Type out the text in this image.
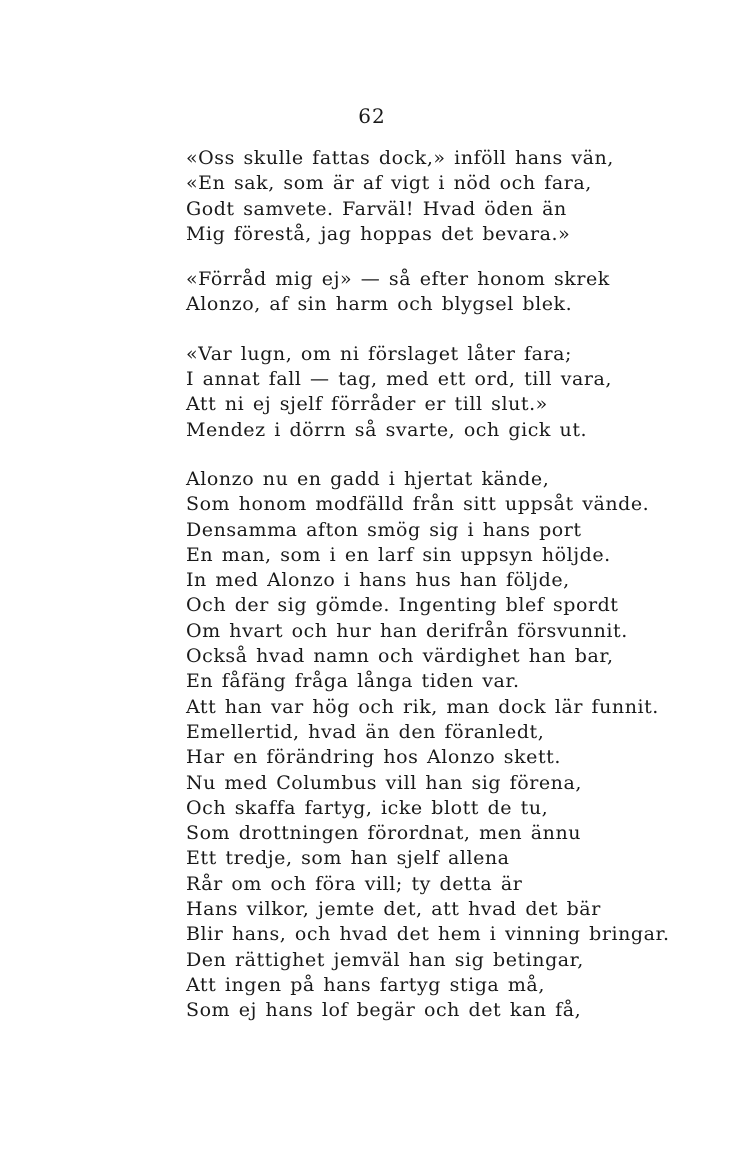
62
«Oss skulle fattas dock,» inföll hans vän,
«En sak, som är af vigt i nöd och fara,
Godt samvete. Farväl! Hvad öden än
Mig förestå, jag hoppas det bevara.»
«Förråd mig ej» — så efter honom skrek
Alonzo, af sin harm och blygsel blek.
«Var lugn, om ni förslaget låter fara;
I annat fall — tag, med ett ord, till vara,
Att ni ej sjelf förråder er till slut.»
Mendez i dörrn så svarte, och gick ut.
Alonzo nu en gadd i hjertat kände,
Som honom modfälld från sitt uppsåt vände.
Densamma afton smög sig i hans port
En man, som i en larf sin uppsyn höljde.
In med Alonzo i hans hus han följde,
Och der sig gömde. Ingenting blef spordt
Om hvart och hur han derifrån försvunnit.
Också hvad namn och värdighet han bar,
En fåfäng fråga långa tiden var.
Att han var hög och rik, man dock lär funnit.
Emellertid, hvad än den föranledt,
Har en förändring hos Alonzo skett.
Nu med Columbus vill han sig förena,
Och skaffa fartyg, icke blott de tu,
Som drottningen förordnat, men ännu
Ett tredje, som han sjelf allena
Rår om och föra vill; ty detta är
Hans vilkor, jemte det, att hvad det bär
Blir hans, och hvad det hem i vinning bringar.
Den rättighet jemväl han sig betingar,
Att ingen på hans fartyg stiga må,
Som ej hans lof begär och det kan få,
